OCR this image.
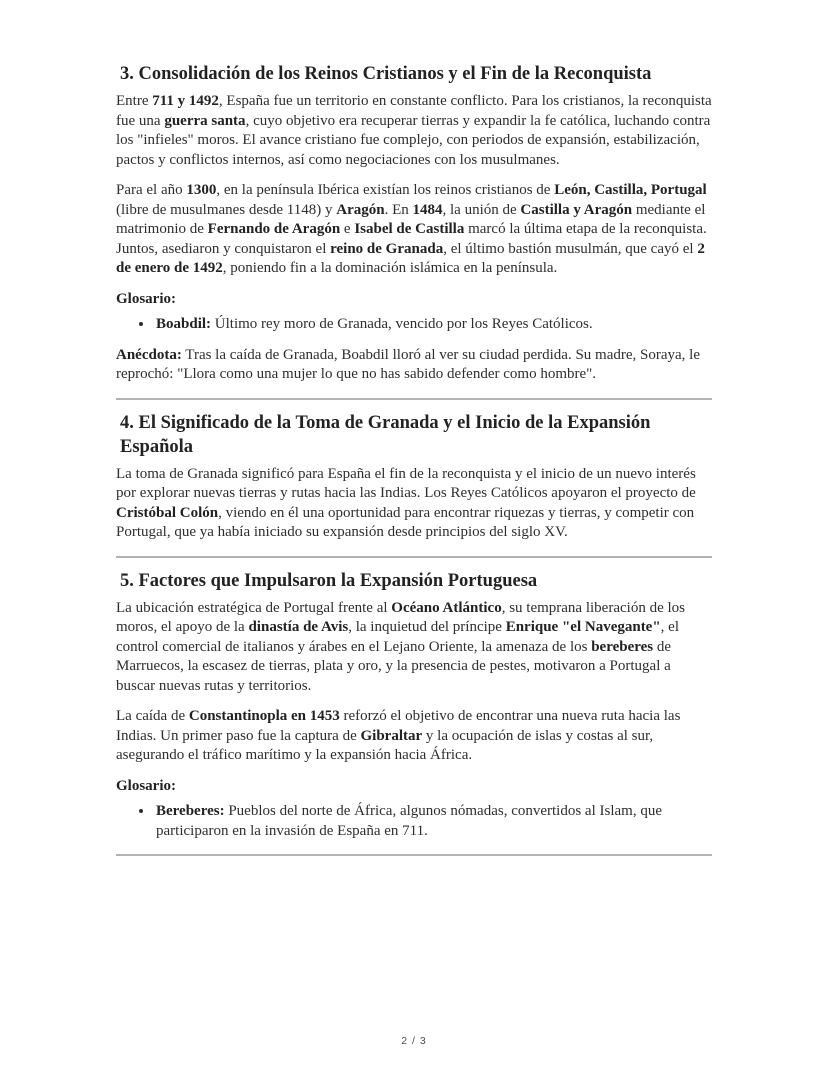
3. Consolidación de los Reinos Cristianos y el Fin de la Reconquista

Entre 711 y 1492, España fue un territorio en constante conflicto. Para los cristianos, la reconquista fue una guerra santa, cuyo objetivo era recuperar tierras y expandir la fe católica, luchando contra los "infieles" moros. El avance cristiano fue complejo, con periodos de expansión, estabilización, pactos y conflictos internos, así como negociaciones con los musulmanes.

Para el año 1300, en la península Ibérica existían los reinos cristianos de León, Castilla, Portugal (libre de musulmanes desde 1148) y Aragón. En 1484, la unión de Castilla y Aragón mediante el matrimonio de Fernando de Aragón e Isabel de Castilla marcó la última etapa de la reconquista. Juntos, asediaron y conquistaron el reino de Granada, el último bastión musulmán, que cayó el 2 de enero de 1492, poniendo fin a la dominación islámica en la península.

Glosario:

• Boabdil: Último rey moro de Granada, vencido por los Reyes Católicos.

Anécdota: Tras la caída de Granada, Boabdil lloró al ver su ciudad perdida. Su madre, Soraya, le reprochó: "Llora como una mujer lo que no has sabido defender como hombre".

4. El Significado de la Toma de Granada y el Inicio de la Expansión Española

La toma de Granada significó para España el fin de la reconquista y el inicio de un nuevo interés por explorar nuevas tierras y rutas hacia las Indias. Los Reyes Católicos apoyaron el proyecto de Cristóbal Colón, viendo en él una oportunidad para encontrar riquezas y tierras, y competir con Portugal, que ya había iniciado su expansión desde principios del siglo XV.

5. Factores que Impulsaron la Expansión Portuguesa

La ubicación estratégica de Portugal frente al Océano Atlántico, su temprana liberación de los moros, el apoyo de la dinastía de Avis, la inquietud del príncipe Enrique "el Navegante", el control comercial de italianos y árabes en el Lejano Oriente, la amenaza de los bereberes de Marruecos, la escasez de tierras, plata y oro, y la presencia de pestes, motivaron a Portugal a buscar nuevas rutas y territorios.

La caída de Constantinopla en 1453 reforzó el objetivo de encontrar una nueva ruta hacia las Indias. Un primer paso fue la captura de Gibraltar y la ocupación de islas y costas al sur, asegurando el tráfico marítimo y la expansión hacia África.

Glosario:

• Bereberes: Pueblos del norte de África, algunos nómadas, convertidos al Islam, que participaron en la invasión de España en 711.
2 / 3
